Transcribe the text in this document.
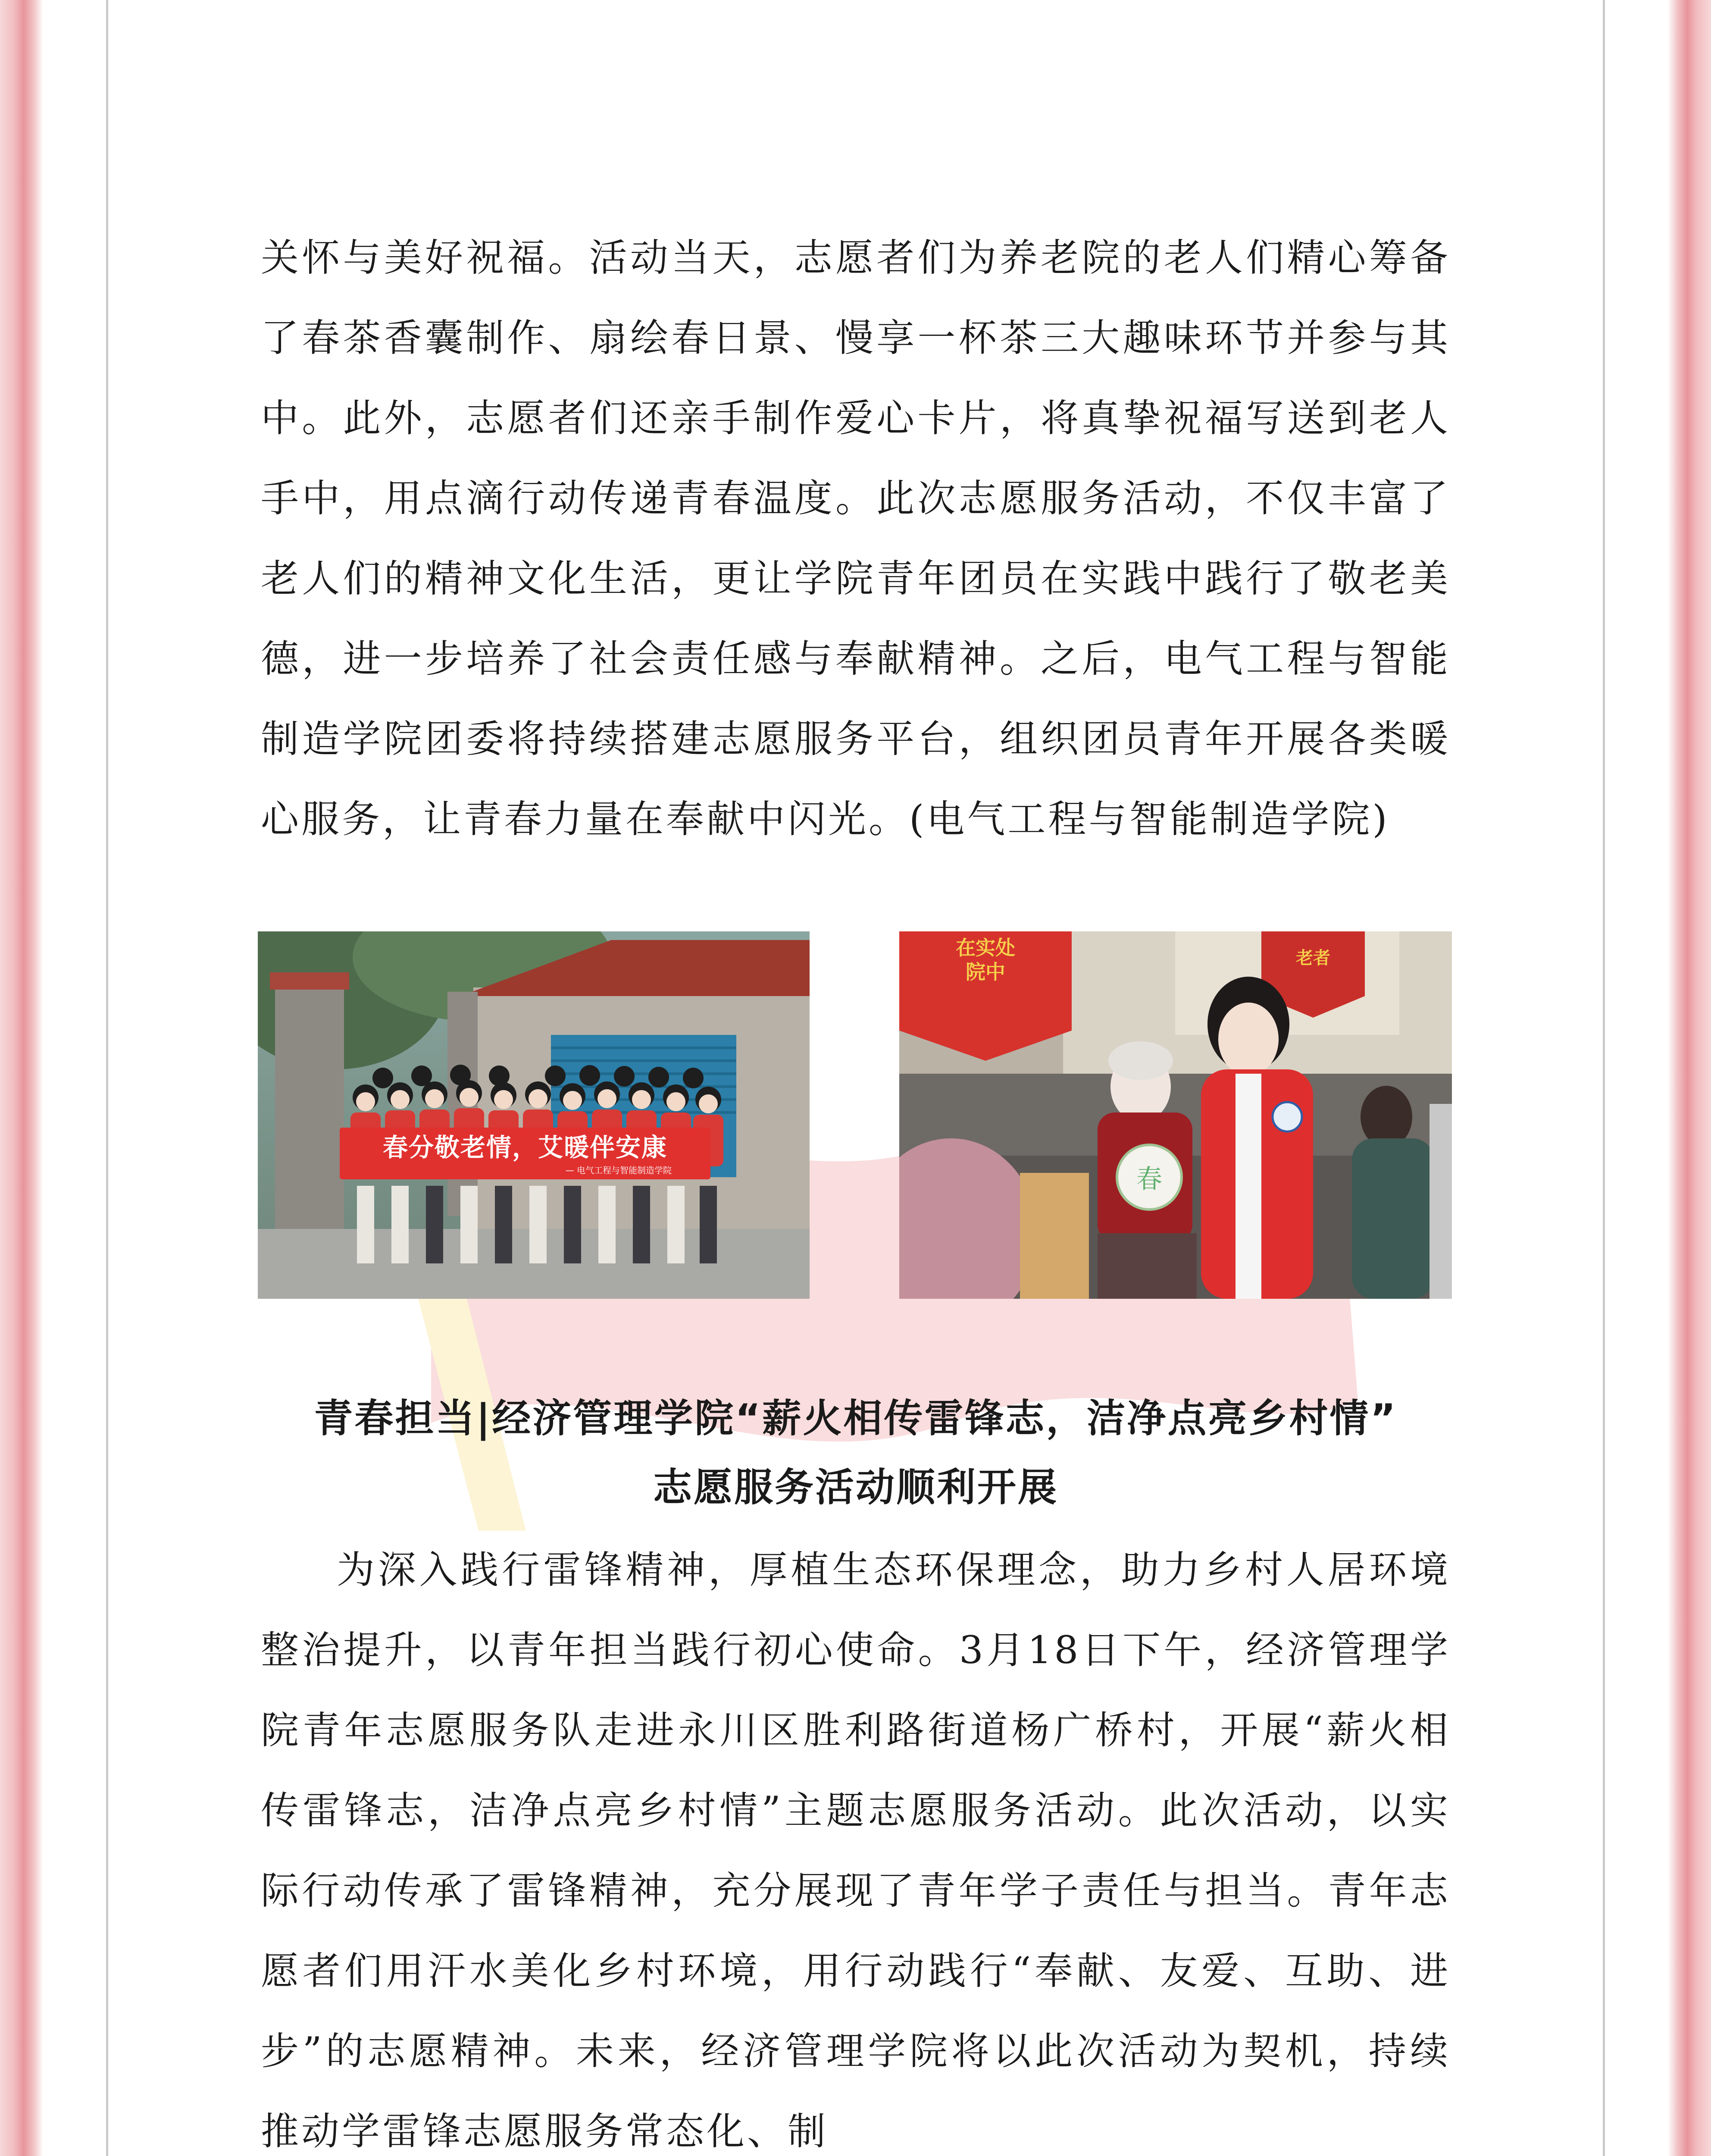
关怀与美好祝福。活动当天，志愿者们为养老院的老人们精心筹备了春茶香囊制作、扇绘春日景、慢享一杯茶三大趣味环节并参与其中。此外，志愿者们还亲手制作爱心卡片，将真挚祝福写送到老人手中，用点滴行动传递青春温度。此次志愿服务活动，不仅丰富了老人们的精神文化生活，更让学院青年团员在实践中践行了敬老美德，进一步培养了社会责任感与奉献精神。之后，电气工程与智能制造学院团委将持续搭建志愿服务平台，组织团员青年开展各类暖心服务，让青春力量在奉献中闪光。(电气工程与智能制造学院)

春分敬老情，艾暖伴安康
— 电气工程与智能制造学院	春
在实处
院中
老者
青春担当|经济管理学院“薪火相传雷锋志，洁净点亮乡村情”
志愿服务活动顺利开展

为深入践行雷锋精神，厚植生态环保理念，助力乡村人居环境整治提升，以青年担当践行初心使命。3月18日下午，经济管理学院青年志愿服务队走进永川区胜利路街道杨广桥村，开展“薪火相传雷锋志，洁净点亮乡村情”主题志愿服务活动。此次活动，以实际行动传承了雷锋精神，充分展现了青年学子责任与担当。青年志愿者们用汗水美化乡村环境，用行动践行“奉献、友爱、互助、进步”的志愿精神。未来，经济管理学院将以此次活动为契机，持续推动学雷锋志愿服务常态化、制
